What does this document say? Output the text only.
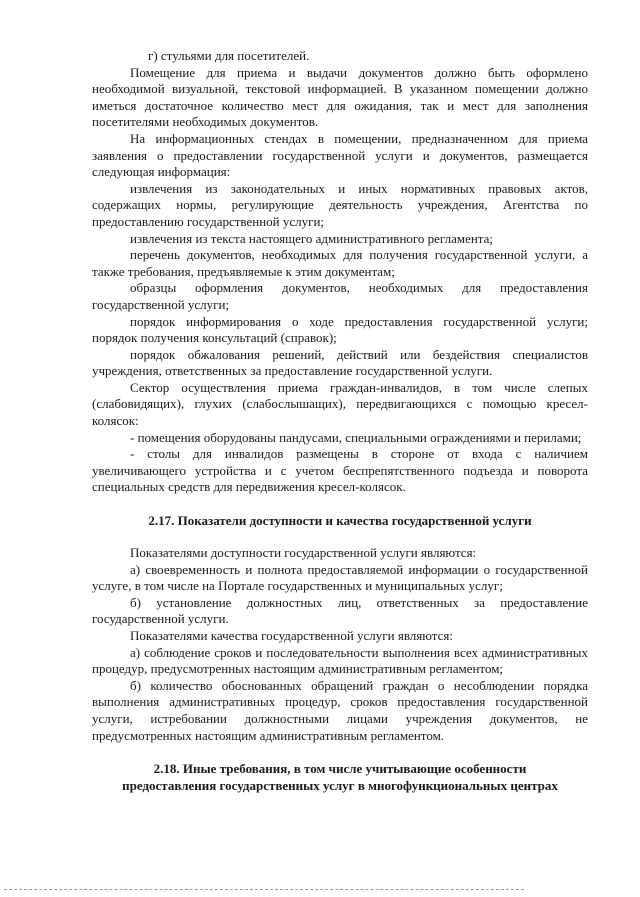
г) стульями для посетителей.

Помещение для приема и выдачи документов должно быть оформлено необходимой визуальной, текстовой информацией. В указанном помещении должно иметься достаточное количество мест для ожидания, так и мест для заполнения посетителями необходимых документов.

На информационных стендах в помещении, предназначенном для приема заявления о предоставлении государственной услуги и документов, размещается следующая информация:

извлечения из законодательных и иных нормативных правовых актов, содержащих нормы, регулирующие деятельность учреждения, Агентства по предоставлению государственной услуги;

извлечения из текста настоящего административного регламента;

перечень документов, необходимых для получения государственной услуги, а также требования, предъявляемые к этим документам;

образцы оформления документов, необходимых для предоставления государственной услуги;

порядок информирования о ходе предоставления государственной услуги; порядок получения консультаций (справок);

порядок обжалования решений, действий или бездействия специалистов учреждения, ответственных за предоставление государственной услуги.

Сектор осуществления приема граждан-инвалидов, в том числе слепых (слабовидящих), глухих (слабослышащих), передвигающихся с помощью кресел-колясок:

- помещения оборудованы пандусами, специальными ограждениями и перилами;

- столы для инвалидов размещены в стороне от входа с наличием увеличивающего устройства и с учетом беспрепятственного подъезда и поворота специальных средств для передвижения кресел-колясок.

2.17. Показатели доступности и качества государственной услуги

Показателями доступности государственной услуги являются:

а) своевременность и полнота предоставляемой информации о государственной услуге, в том числе на Портале государственных и муниципальных услуг;

б) установление должностных лиц, ответственных за предоставление государственной услуги.

Показателями качества государственной услуги являются:

а) соблюдение сроков и последовательности выполнения всех административных процедур, предусмотренных настоящим административным регламентом;

б) количество обоснованных обращений граждан о несоблюдении порядка выполнения административных процедур, сроков предоставления государственной услуги, истребовании должностными лицами учреждения документов, не предусмотренных настоящим административным регламентом.

2.18. Иные требования, в том числе учитывающие особенности
предоставления государственных услуг в многофункциональных центрах
